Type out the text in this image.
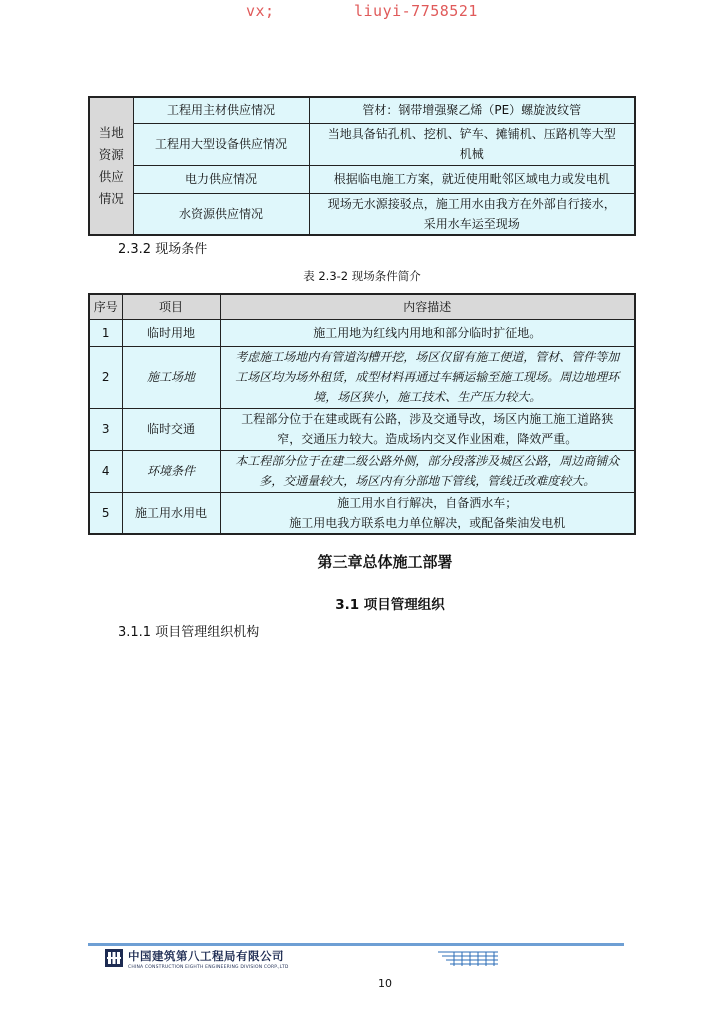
vx;	liuyi-7758521
当地
资源
供应
情况	工程用主材供应情况	管材：钢带增强聚乙烯（PE）螺旋波纹管

	工程用大型设备供应情况	当地具备钻孔机、挖机、铲车、摊铺机、压路机等大型
机械

	电力供应情况	根据临电施工方案，就近使用毗邻区域电力或发电机

	水资源供应情况	现场无水源接驳点，施工用水由我方在外部自行接水，
采用水车运至现场
2.3.2 现场条件
表 2.3-2 现场条件简介
序号	项目	内容描述
1	临时用地	施工用地为红线内用地和部分临时扩征地。

2	施工场地	考虑施工场地内有管道沟槽开挖，场区仅留有施工便道，管材、管件等加
工场区均为场外租赁，成型材料再通过车辆运输至施工现场。周边地理环
境，场区狭小，施工技术、生产压力较大。

3	临时交通	工程部分位于在建或既有公路，涉及交通导改，场区内施工施工道路狭
窄，交通压力较大。造成场内交叉作业困难，降效严重。

4	环境条件	本工程部分位于在建二级公路外侧，部分段落涉及城区公路，周边商铺众
多，交通量较大，场区内有分部地下管线，管线迁改难度较大。

5	施工用水用电	施工用水自行解决，自备洒水车；
施工用电我方联系电力单位解决，或配备柴油发电机
第三章总体施工部署
3.1 项目管理组织
3.1.1 项目管理组织机构
中国建筑第八工程局有限公司
CHINA CONSTRUCTION EIGHTH ENGINEERING DIVISION CORP.,LTD
10
